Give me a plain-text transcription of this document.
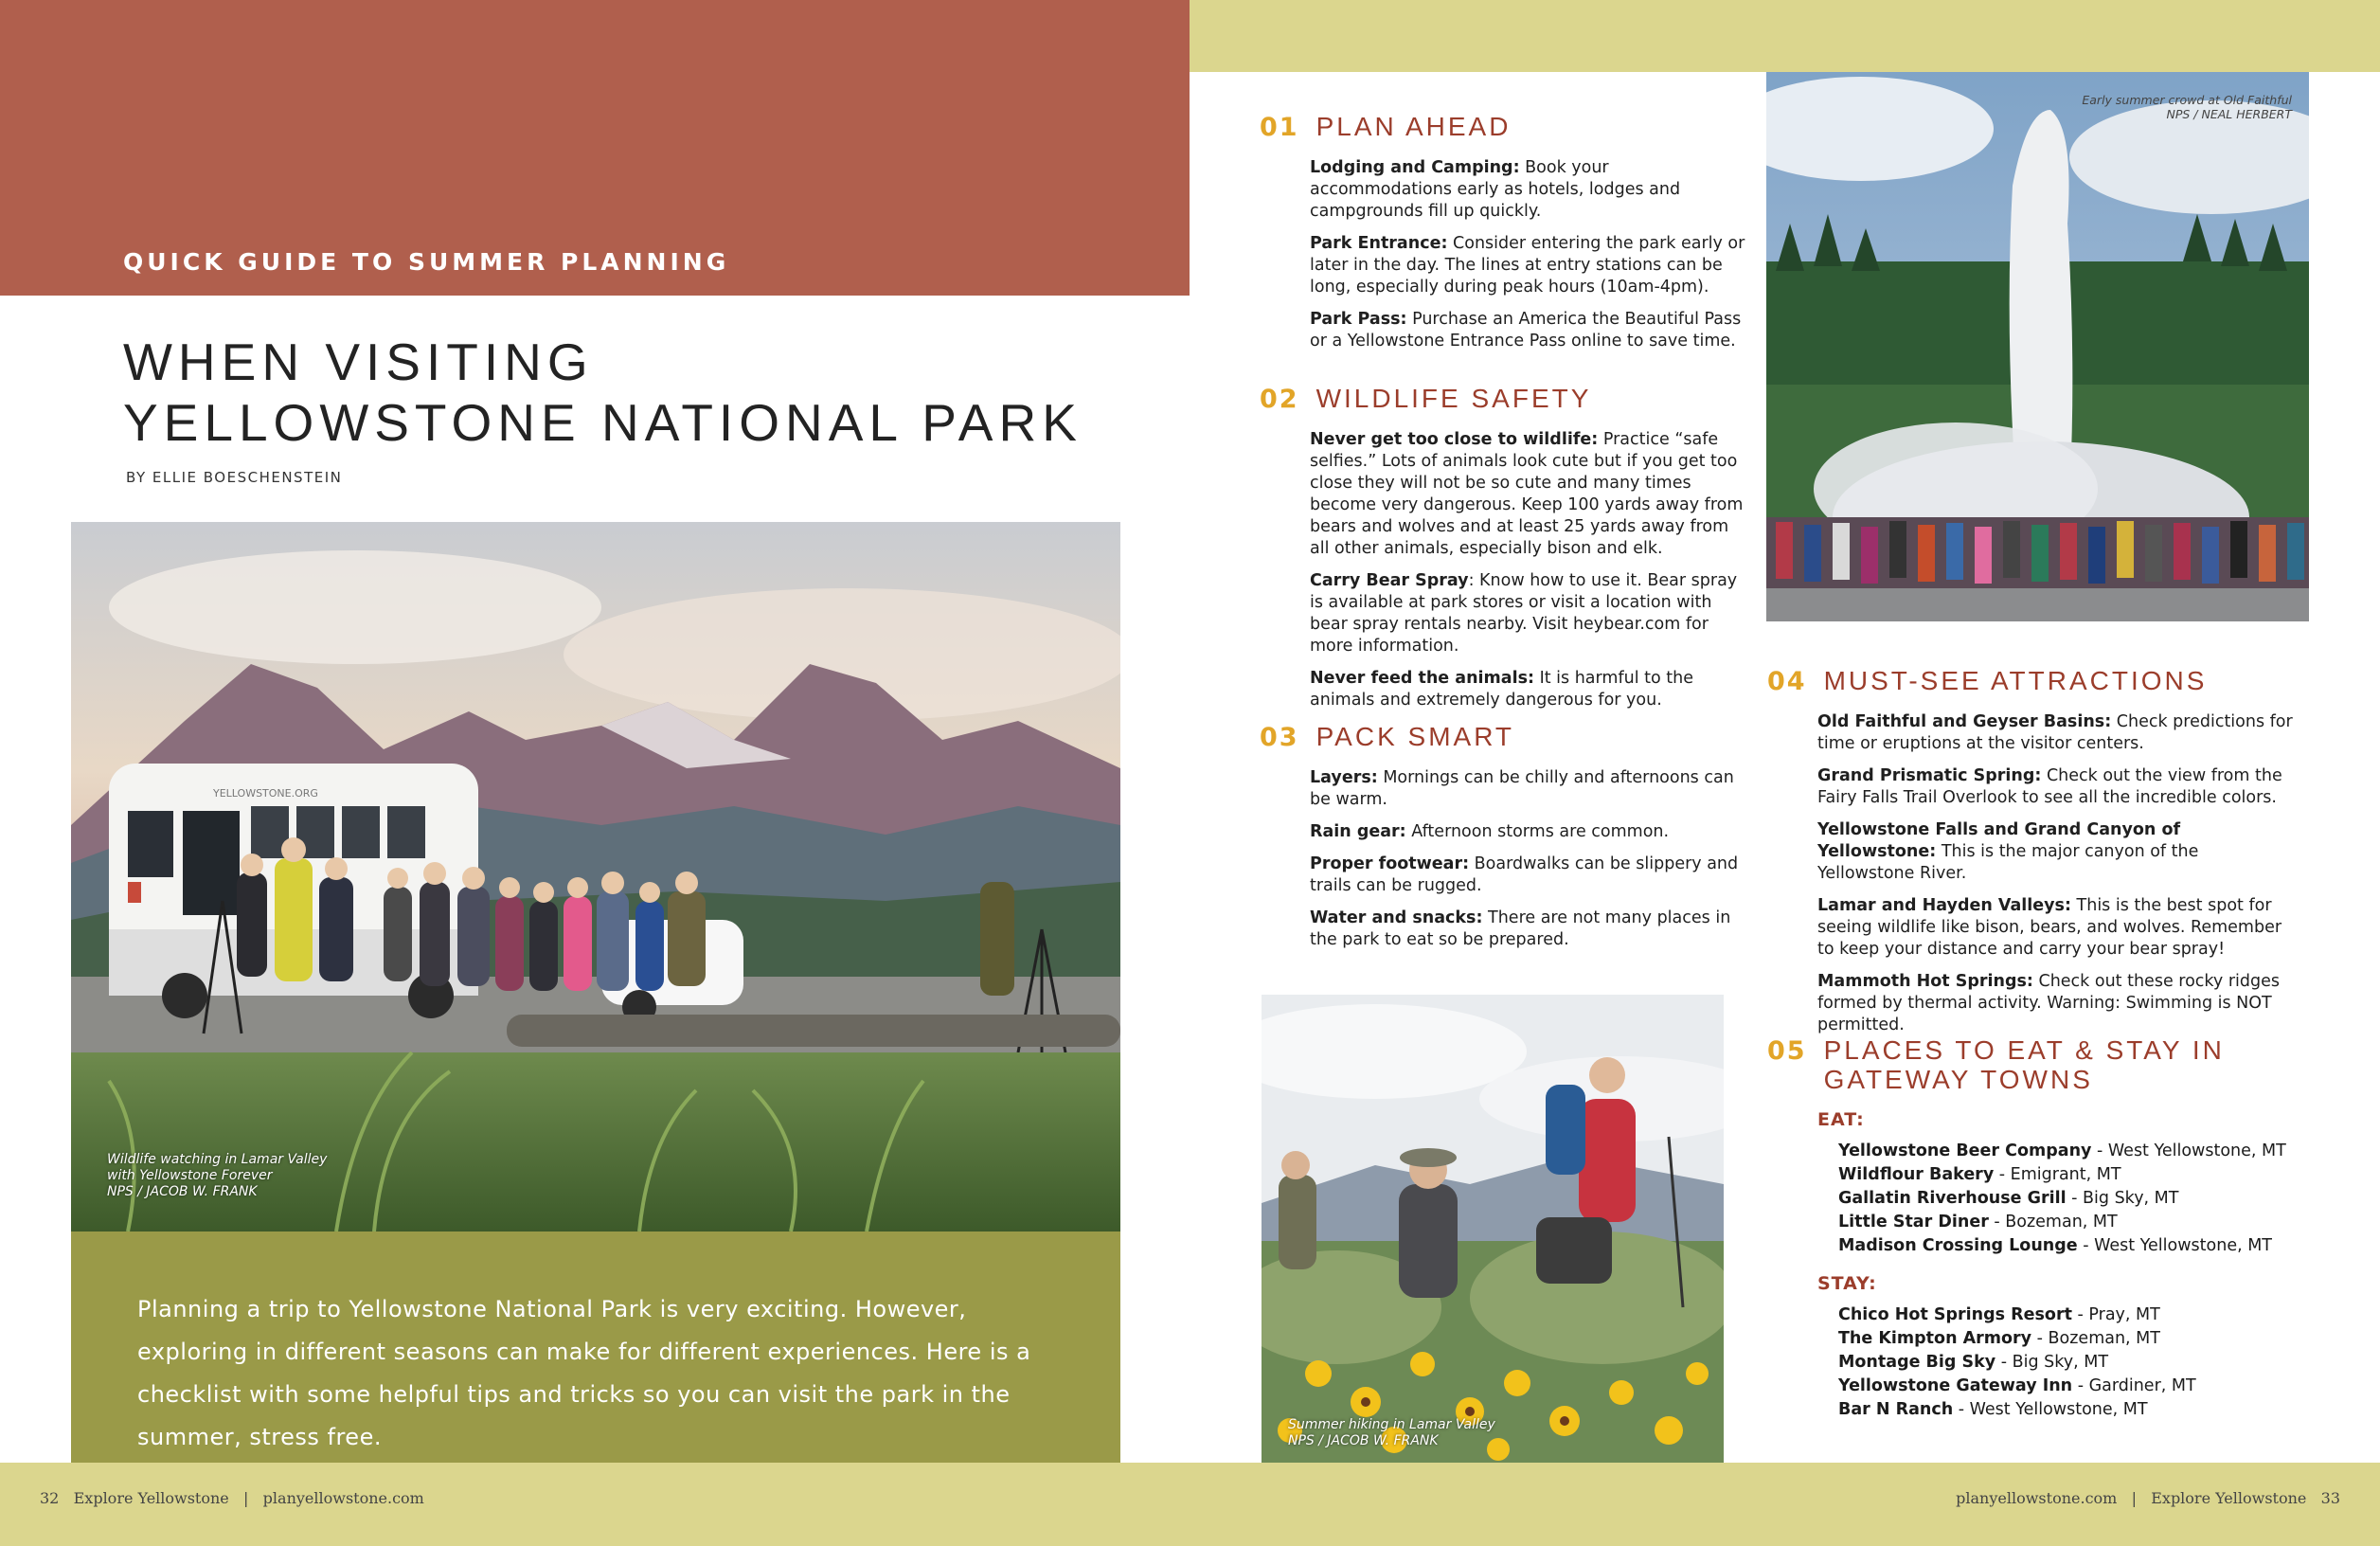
QUICK GUIDE TO SUMMER PLANNING
WHEN VISITING
YELLOWSTONE NATIONAL PARK
BY ELLIE BOESCHENSTEIN
YELLOWSTONE.ORG
Wildlife watching in Lamar Valley
with Yellowstone Forever
NPS / JACOB W. FRANK

Planning a trip to Yellowstone National Park is very exciting. However, exploring in different seasons can make for different experiences. Here is a checklist with some helpful tips and tricks so you can visit the park in the summer, stress free.

01 PLAN AHEAD

Lodging and Camping: Book your accommodations early as hotels, lodges and campgrounds fill up quickly.

Park Entrance: Consider entering the park early or later in the day. The lines at entry stations can be long, especially during peak hours (10am-4pm).

Park Pass: Purchase an America the Beautiful Pass or a Yellowstone Entrance Pass online to save time.

02 WILDLIFE SAFETY

Never get too close to wildlife: Practice “safe selfies.” Lots of animals look cute but if you get too close they will not be so cute and many times become very dangerous. Keep 100 yards away from bears and wolves and at least 25 yards away from all other animals, especially bison and elk.

Carry Bear Spray: Know how to use it. Bear spray is available at park stores or visit a location with bear spray rentals nearby. Visit heybear.com for more information.

Never feed the animals: It is harmful to the animals and extremely dangerous for you.

03 PACK SMART

Layers: Mornings can be chilly and afternoons can be warm.

Rain gear: Afternoon storms are common.

Proper footwear: Boardwalks can be slippery and trails can be rugged.

Water and snacks: There are not many places in the park to eat so be prepared.

Summer hiking in Lamar Valley
NPS / JACOB W. FRANK
Early summer crowd at Old Faithful
NPS / NEAL HERBERT
04 MUST-SEE ATTRACTIONS

Old Faithful and Geyser Basins: Check predictions for time or eruptions at the visitor centers.

Grand Prismatic Spring: Check out the view from the Fairy Falls Trail Overlook to see all the incredible colors.

Yellowstone Falls and Grand Canyon of Yellowstone: This is the major canyon of the Yellowstone River.

Lamar and Hayden Valleys: This is the best spot for seeing wildlife like bison, bears, and wolves. Remember to keep your distance and carry your bear spray!

Mammoth Hot Springs: Check out these rocky ridges formed by thermal activity. Warning: Swimming is NOT permitted.

05 PLACES TO EAT & STAY IN
GATEWAY TOWNS
EAT:
Yellowstone Beer Company - West Yellowstone, MT
Wildflour Bakery - Emigrant, MT
Gallatin Riverhouse Grill - Big Sky, MT
Little Star Diner - Bozeman, MT
Madison Crossing Lounge - West Yellowstone, MT
STAY:
Chico Hot Springs Resort - Pray, MT
The Kimpton Armory - Bozeman, MT
Montage Big Sky - Big Sky, MT
Yellowstone Gateway Inn - Gardiner, MT
Bar N Ranch - West Yellowstone, MT
32   Explore Yellowstone   |   planyellowstone.com	planyellowstone.com   |   Explore Yellowstone   33
